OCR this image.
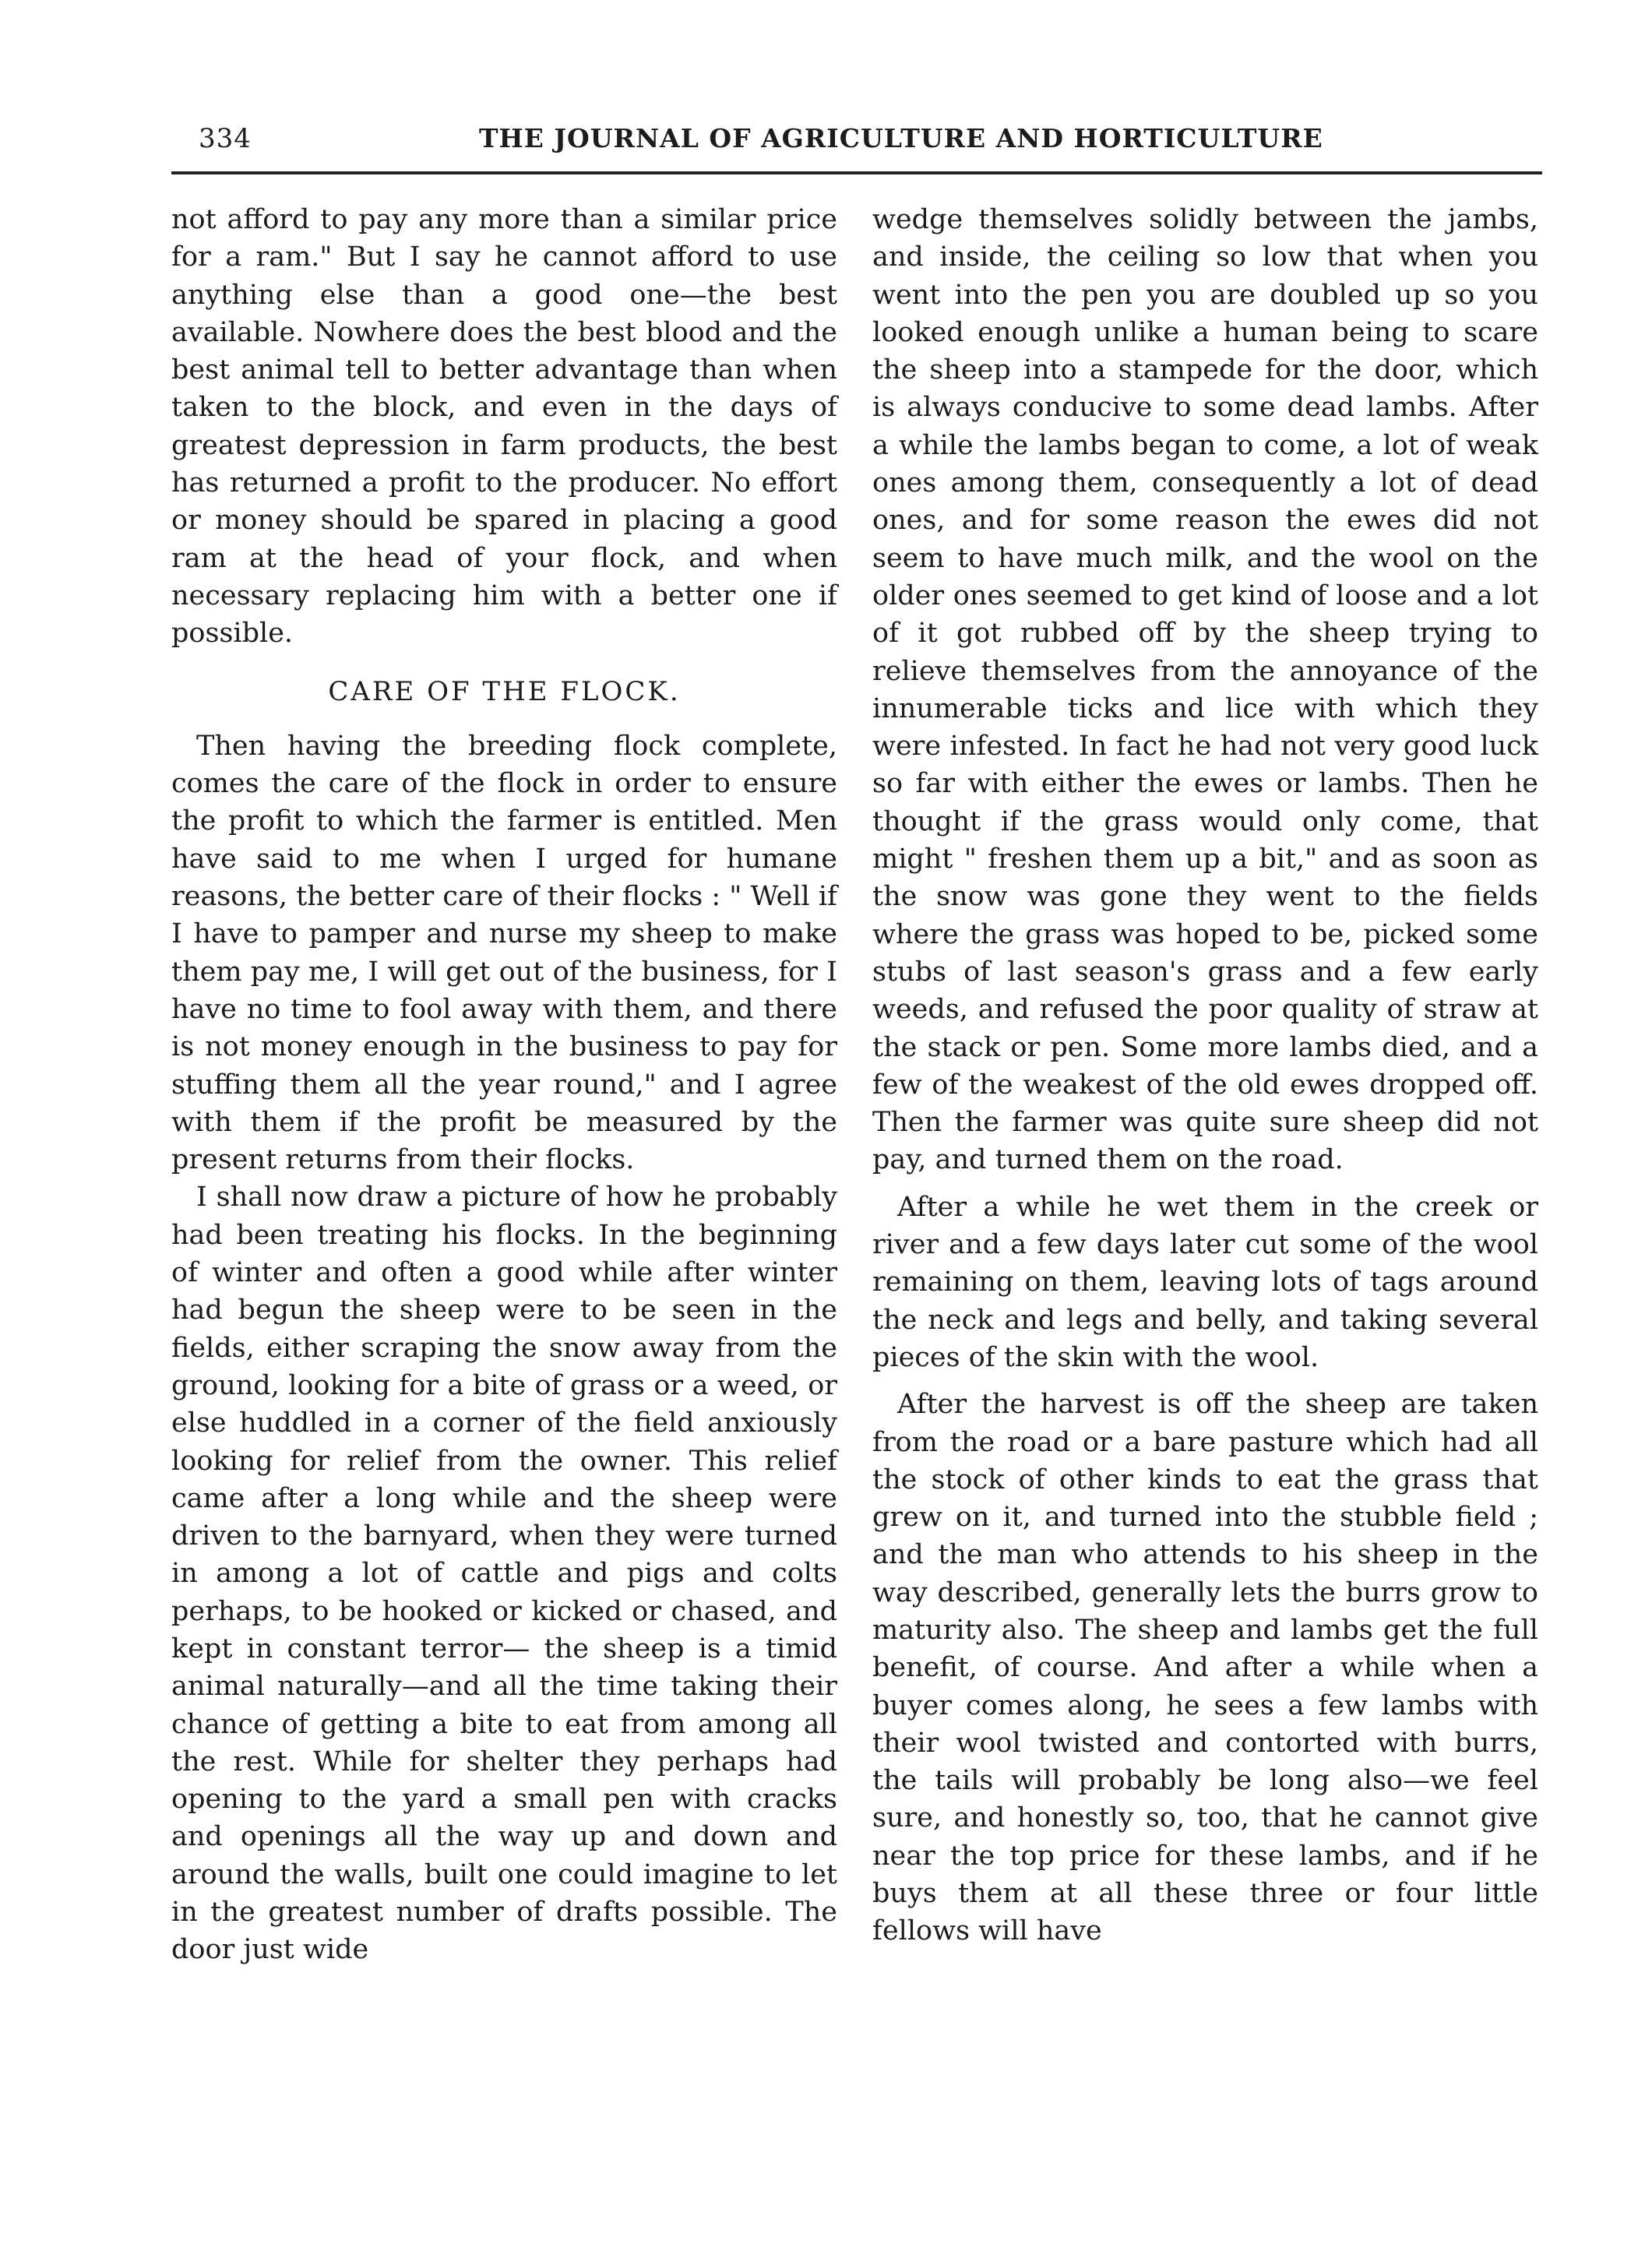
334	THE JOURNAL OF AGRICULTURE AND HORTICULTURE

not afford to pay any more than a similar price for a ram." But I say he cannot afford to use anything else than a good one—the best available. Nowhere does the best blood and the best animal tell to better advantage than when taken to the block, and even in the days of greatest depression in farm products, the best has returned a profit to the producer. No effort or money should be spared in placing a good ram at the head of your flock, and when necessary replacing him with a better one if possible.

CARE OF THE FLOCK.

Then having the breeding flock complete, comes the care of the flock in order to ensure the profit to which the farmer is entitled. Men have said to me when I urged for humane reasons, the better care of their flocks : " Well if I have to pamper and nurse my sheep to make them pay me, I will get out of the business, for I have no time to fool away with them, and there is not money enough in the business to pay for stuffing them all the year round," and I agree with them if the profit be measured by the present returns from their flocks.

I shall now draw a picture of how he probably had been treating his flocks. In the beginning of winter and often a good while after winter had begun the sheep were to be seen in the fields, either scraping the snow away from the ground, looking for a bite of grass or a weed, or else huddled in a corner of the field anxiously looking for relief from the owner. This relief came after a long while and the sheep were driven to the barnyard, when they were turned in among a lot of cattle and pigs and colts perhaps, to be hooked or kicked or chased, and kept in constant terror— the sheep is a timid animal naturally—and all the time taking their chance of getting a bite to eat from among all the rest. While for shelter they perhaps had opening to the yard a small pen with cracks and openings all the way up and down and around the walls, built one could imagine to let in the greatest number of drafts possible. The door just wide

wedge themselves solidly between the jambs, and inside, the ceiling so low that when you went into the pen you are doubled up so you looked enough unlike a human being to scare the sheep into a stampede for the door, which is always conducive to some dead lambs. After a while the lambs began to come, a lot of weak ones among them, consequently a lot of dead ones, and for some reason the ewes did not seem to have much milk, and the wool on the older ones seemed to get kind of loose and a lot of it got rubbed off by the sheep trying to relieve themselves from the annoyance of the innumerable ticks and lice with which they were infested. In fact he had not very good luck so far with either the ewes or lambs. Then he thought if the grass would only come, that might " freshen them up a bit," and as soon as the snow was gone they went to the fields where the grass was hoped to be, picked some stubs of last season's grass and a few early weeds, and refused the poor quality of straw at the stack or pen. Some more lambs died, and a few of the weakest of the old ewes dropped off. Then the farmer was quite sure sheep did not pay, and turned them on the road.

After a while he wet them in the creek or river and a few days later cut some of the wool remaining on them, leaving lots of tags around the neck and legs and belly, and taking several pieces of the skin with the wool.

After the harvest is off the sheep are taken from the road or a bare pasture which had all the stock of other kinds to eat the grass that grew on it, and turned into the stubble field ; and the man who attends to his sheep in the way described, generally lets the burrs grow to maturity also. The sheep and lambs get the full benefit, of course. And after a while when a buyer comes along, he sees a few lambs with their wool twisted and contorted with burrs, the tails will probably be long also—we feel sure, and honestly so, too, that he cannot give near the top price for these lambs, and if he buys them at all these three or four little fellows will have
